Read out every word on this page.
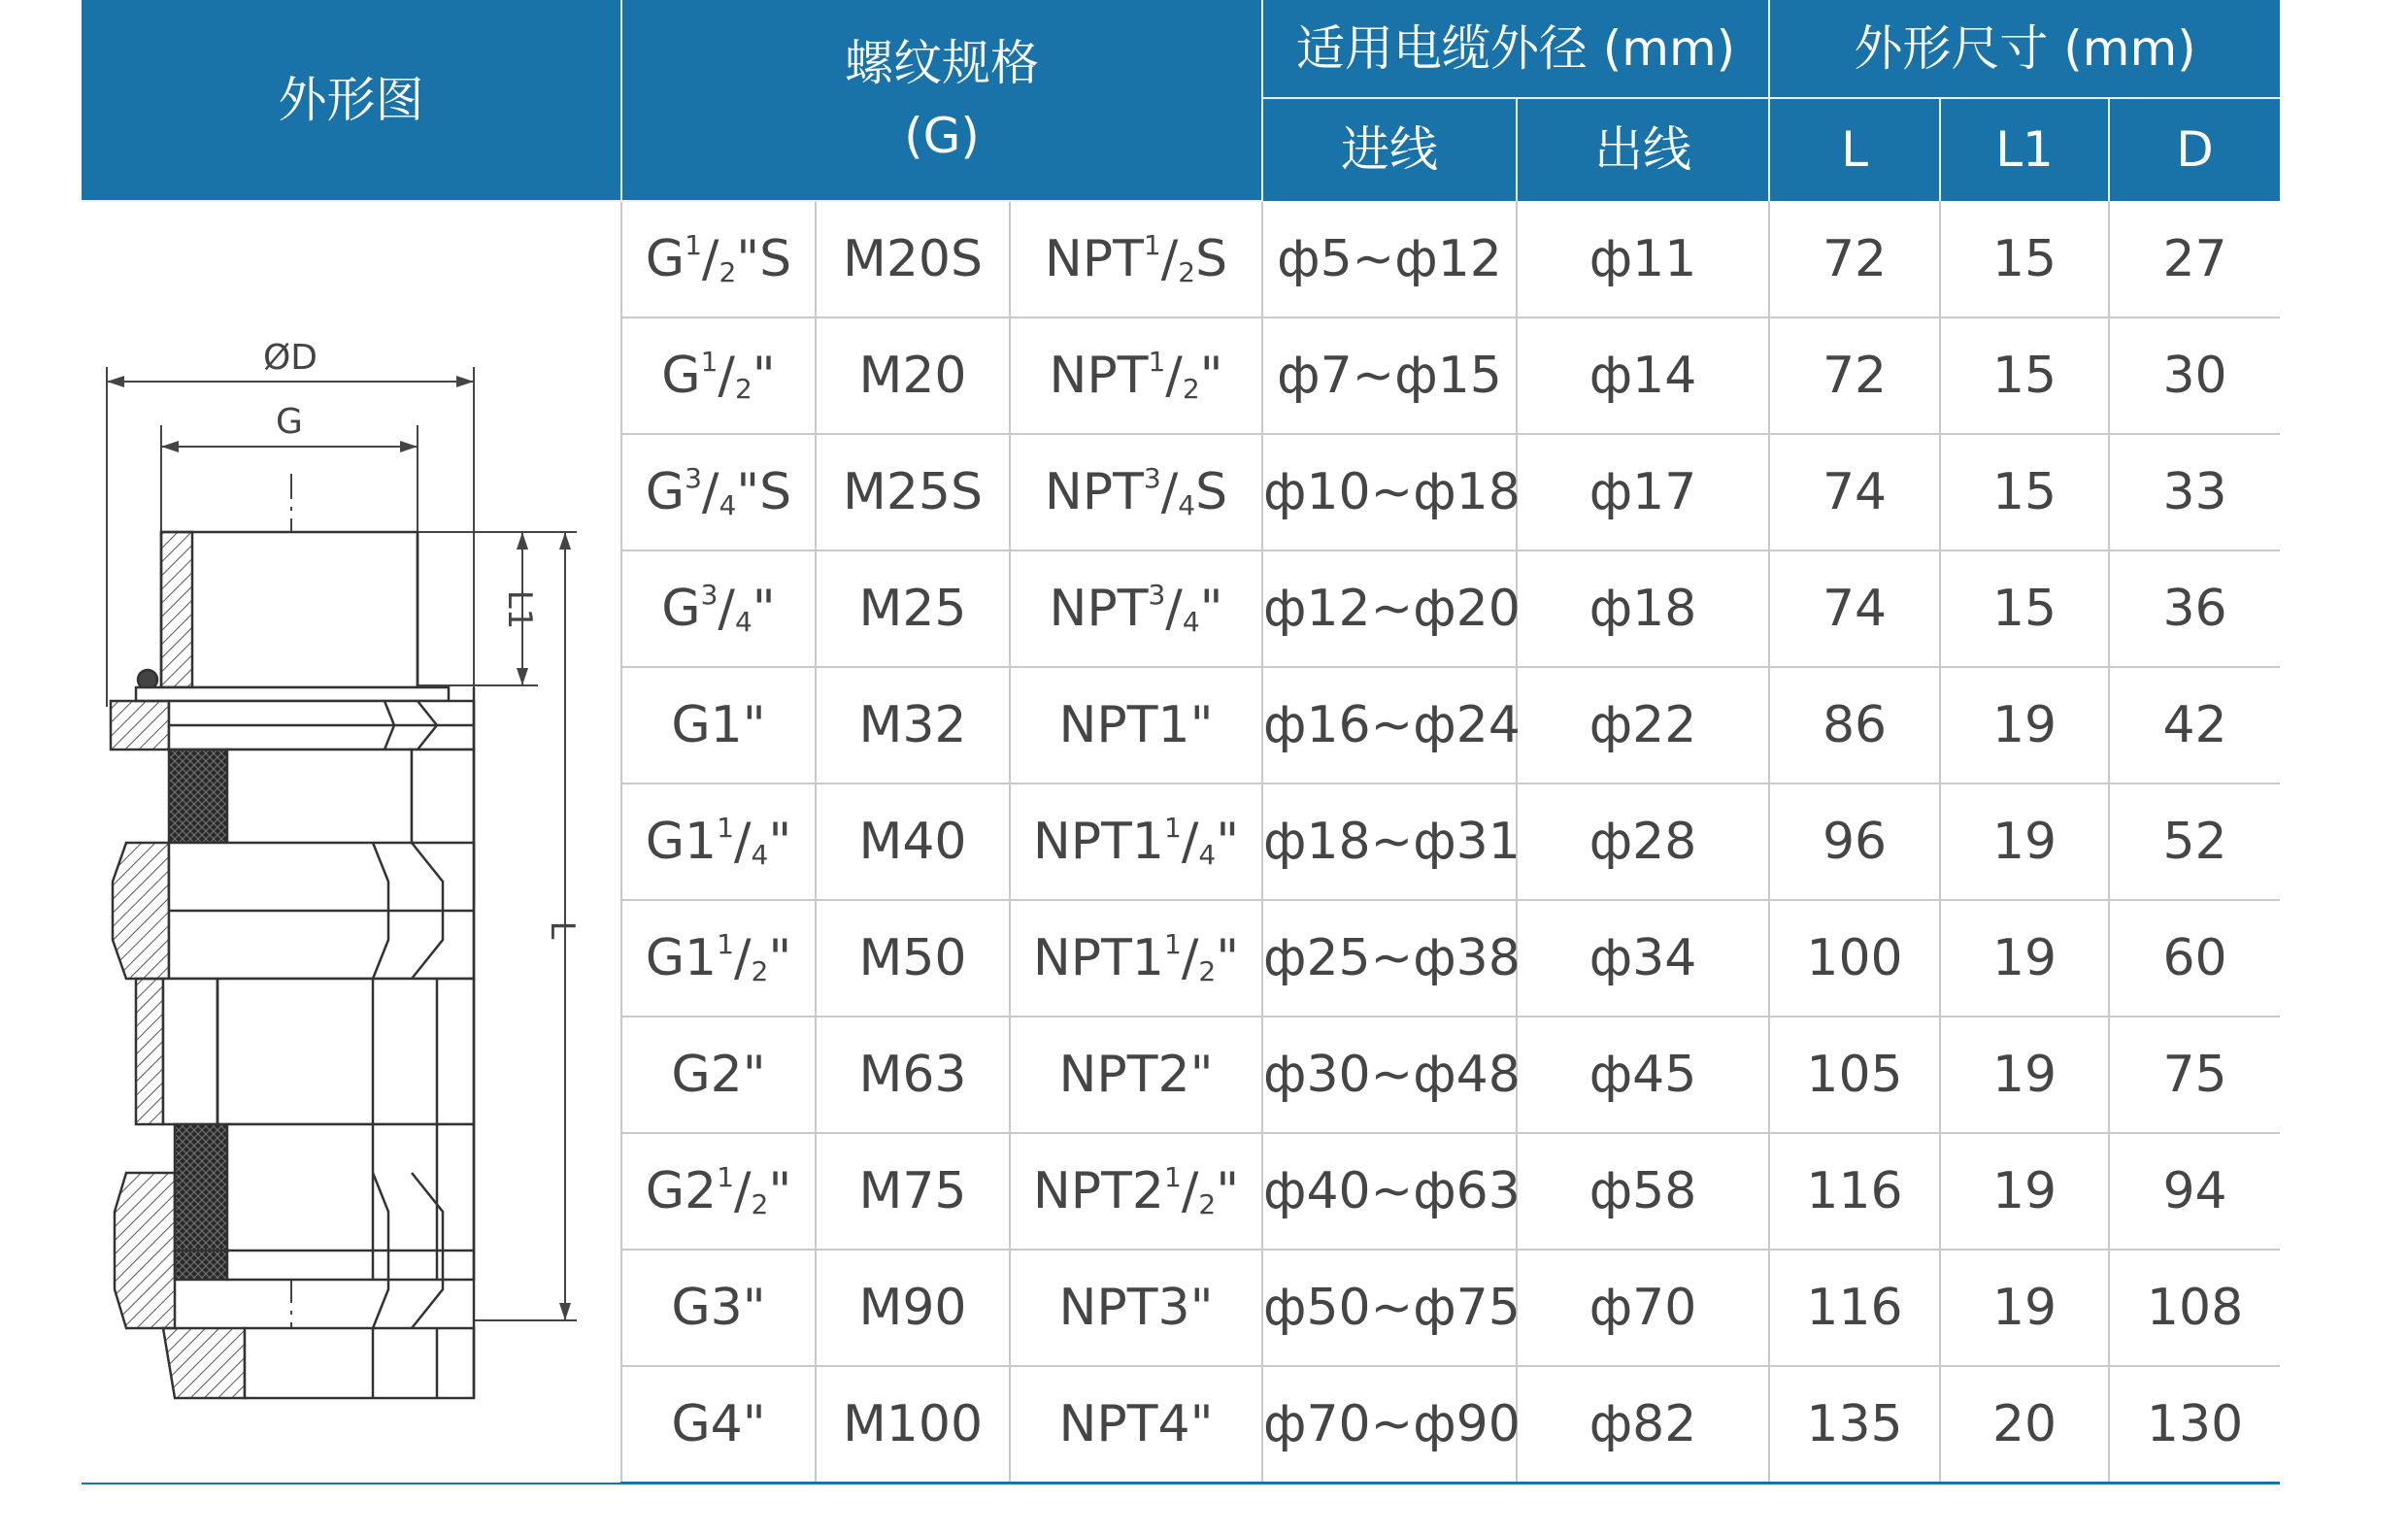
外形图	螺纹规格
(G)			适用电缆外径 (mm)		外形尺寸 (mm)		
				进线	出线	L	L1	D

ØD
G
L1
L	$G^1/_2"S$	M20S	$NPT^1/_2S$	ф5~ф12	ф11	72	15	27
	$G^1/_2$"	M20	$NPT^1/_2$"	ф7~ф15	ф14	72	15	30
	$G^3/_4"S$	M25S	$NPT^3/_4S$	ф10~ф18	ф17	74	15	33
	$G^3/_4$"	M25	$NPT^3/_4$"	ф12~ф20	ф18	74	15	36
	G1"	M32	NPT1"	ф16~ф24	ф22	86	19	42
	$G1^1/_4$"	M40	$NPT1^1/_4$"	ф18~ф31	ф28	96	19	52
	$G1^1/_2$"	M50	$NPT1^1/_2$"	ф25~ф38	ф34	100	19	60
	G2"	M63	NPT2"	ф30~ф48	ф45	105	19	75
	$G2^1/_2$"	M75	$NPT2^1/_2$"	ф40~ф63	ф58	116	19	94
	G3"	M90	NPT3"	ф50~ф75	ф70	116	19	108
	G4"	M100	NPT4"	ф70~ф90	ф82	135	20	130
